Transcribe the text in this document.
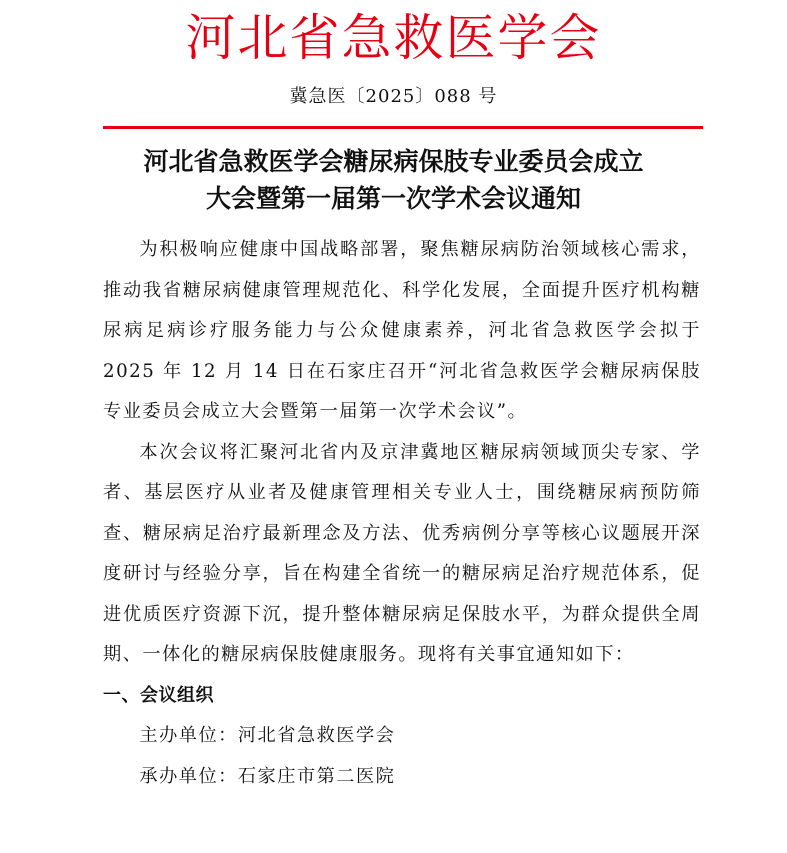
河北省急救医学会
冀急医〔2025〕088 号
河北省急救医学会糖尿病保肢专业委员会成立
大会暨第一届第一次学术会议通知

为积极响应健康中国战略部署，聚焦糖尿病防治领域核心需求，推动我省糖尿病健康管理规范化、科学化发展，全面提升医疗机构糖尿病足病诊疗服务能力与公众健康素养，河北省急救医学会拟于 2025 年 12 月 14 日在石家庄召开“河北省急救医学会糖尿病保肢专业委员会成立大会暨第一届第一次学术会议”。

本次会议将汇聚河北省内及京津冀地区糖尿病领域顶尖专家、学者、基层医疗从业者及健康管理相关专业人士，围绕糖尿病预防筛查、糖尿病足治疗最新理念及方法、优秀病例分享等核心议题展开深度研讨与经验分享，旨在构建全省统一的糖尿病足治疗规范体系，促进优质医疗资源下沉，提升整体糖尿病足保肢水平，为群众提供全周期、一体化的糖尿病保肢健康服务。现将有关事宜通知如下：

一、会议组织

主办单位：河北省急救医学会

承办单位：石家庄市第二医院
